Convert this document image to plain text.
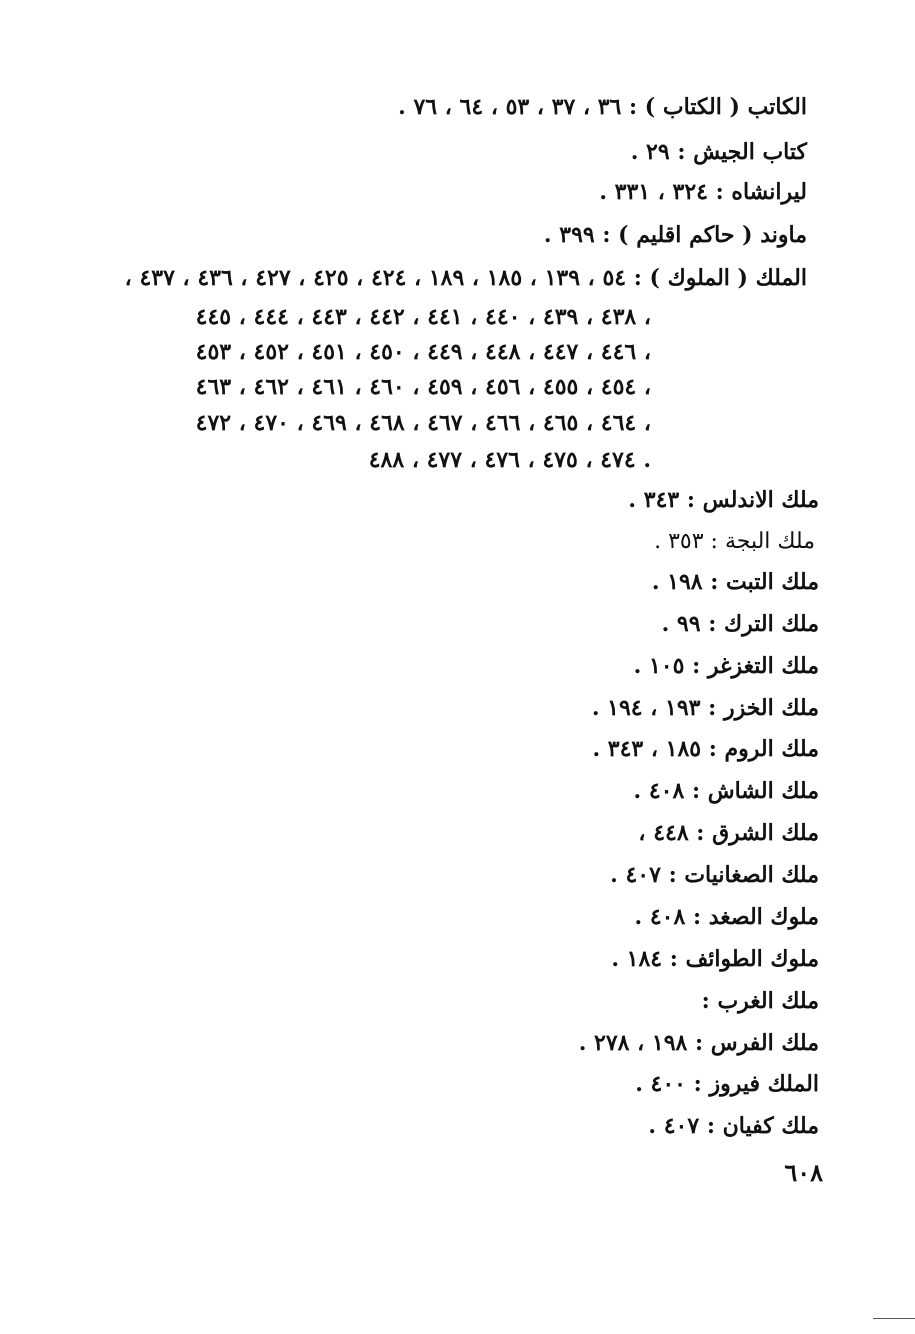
الكاتب ( الكتاب ) : ٣٦ ، ٣٧ ، ٥٣ ، ٦٤ ، ٧٦ .
كتاب الجيش : ٢٩ .
ليرانشاه : ٣٢٤ ، ٣٣١ .
ماوند ( حاكم اقليم ) : ٣٩٩ .
الملك ( الملوك ) : ٥٤ ، ١٣٩ ، ١٨٥ ، ١٨٩ ، ٤٢٤ ، ٤٢٥ ، ٤٢٧ ، ٤٣٦ ، ٤٣٧ ،
٤٣٨ ، ٤٣٩ ، ٤٤٠ ، ٤٤١ ، ٤٤٢ ، ٤٤٣ ، ٤٤٤ ، ٤٤٥ ،
٤٤٦ ، ٤٤٧ ، ٤٤٨ ، ٤٤٩ ، ٤٥٠ ، ٤٥١ ، ٤٥٢ ، ٤٥٣ ،
٤٥٤ ، ٤٥٥ ، ٤٥٦ ، ٤٥٩ ، ٤٦٠ ، ٤٦١ ، ٤٦٢ ، ٤٦٣ ،
٤٦٤ ، ٤٦٥ ، ٤٦٦ ، ٤٦٧ ، ٤٦٨ ، ٤٦٩ ، ٤٧٠ ، ٤٧٢ ،
٤٧٤ ، ٤٧٥ ، ٤٧٦ ، ٤٧٧ ، ٤٨٨ .
ملك الاندلس : ٣٤٣ .
ملك البجة : ٣٥٣ .
ملك التبت : ١٩٨ .
ملك الترك : ٩٩ .
ملك التغزغر : ١٠٥ .
ملك الخزر : ١٩٣ ، ١٩٤ .
ملك الروم : ١٨٥ ، ٣٤٣ .
ملك الشاش : ٤٠٨ .
ملك الشرق : ٤٤٨ ،
ملك الصغانيات : ٤٠٧ .
ملوك الصغد : ٤٠٨ .
ملوك الطوائف : ١٨٤ .
ملك الغرب :
ملك الفرس : ١٩٨ ، ٢٧٨ .
الملك فيروز : ٤٠٠ .
ملك كفيان : ٤٠٧ .
٦٠٨
